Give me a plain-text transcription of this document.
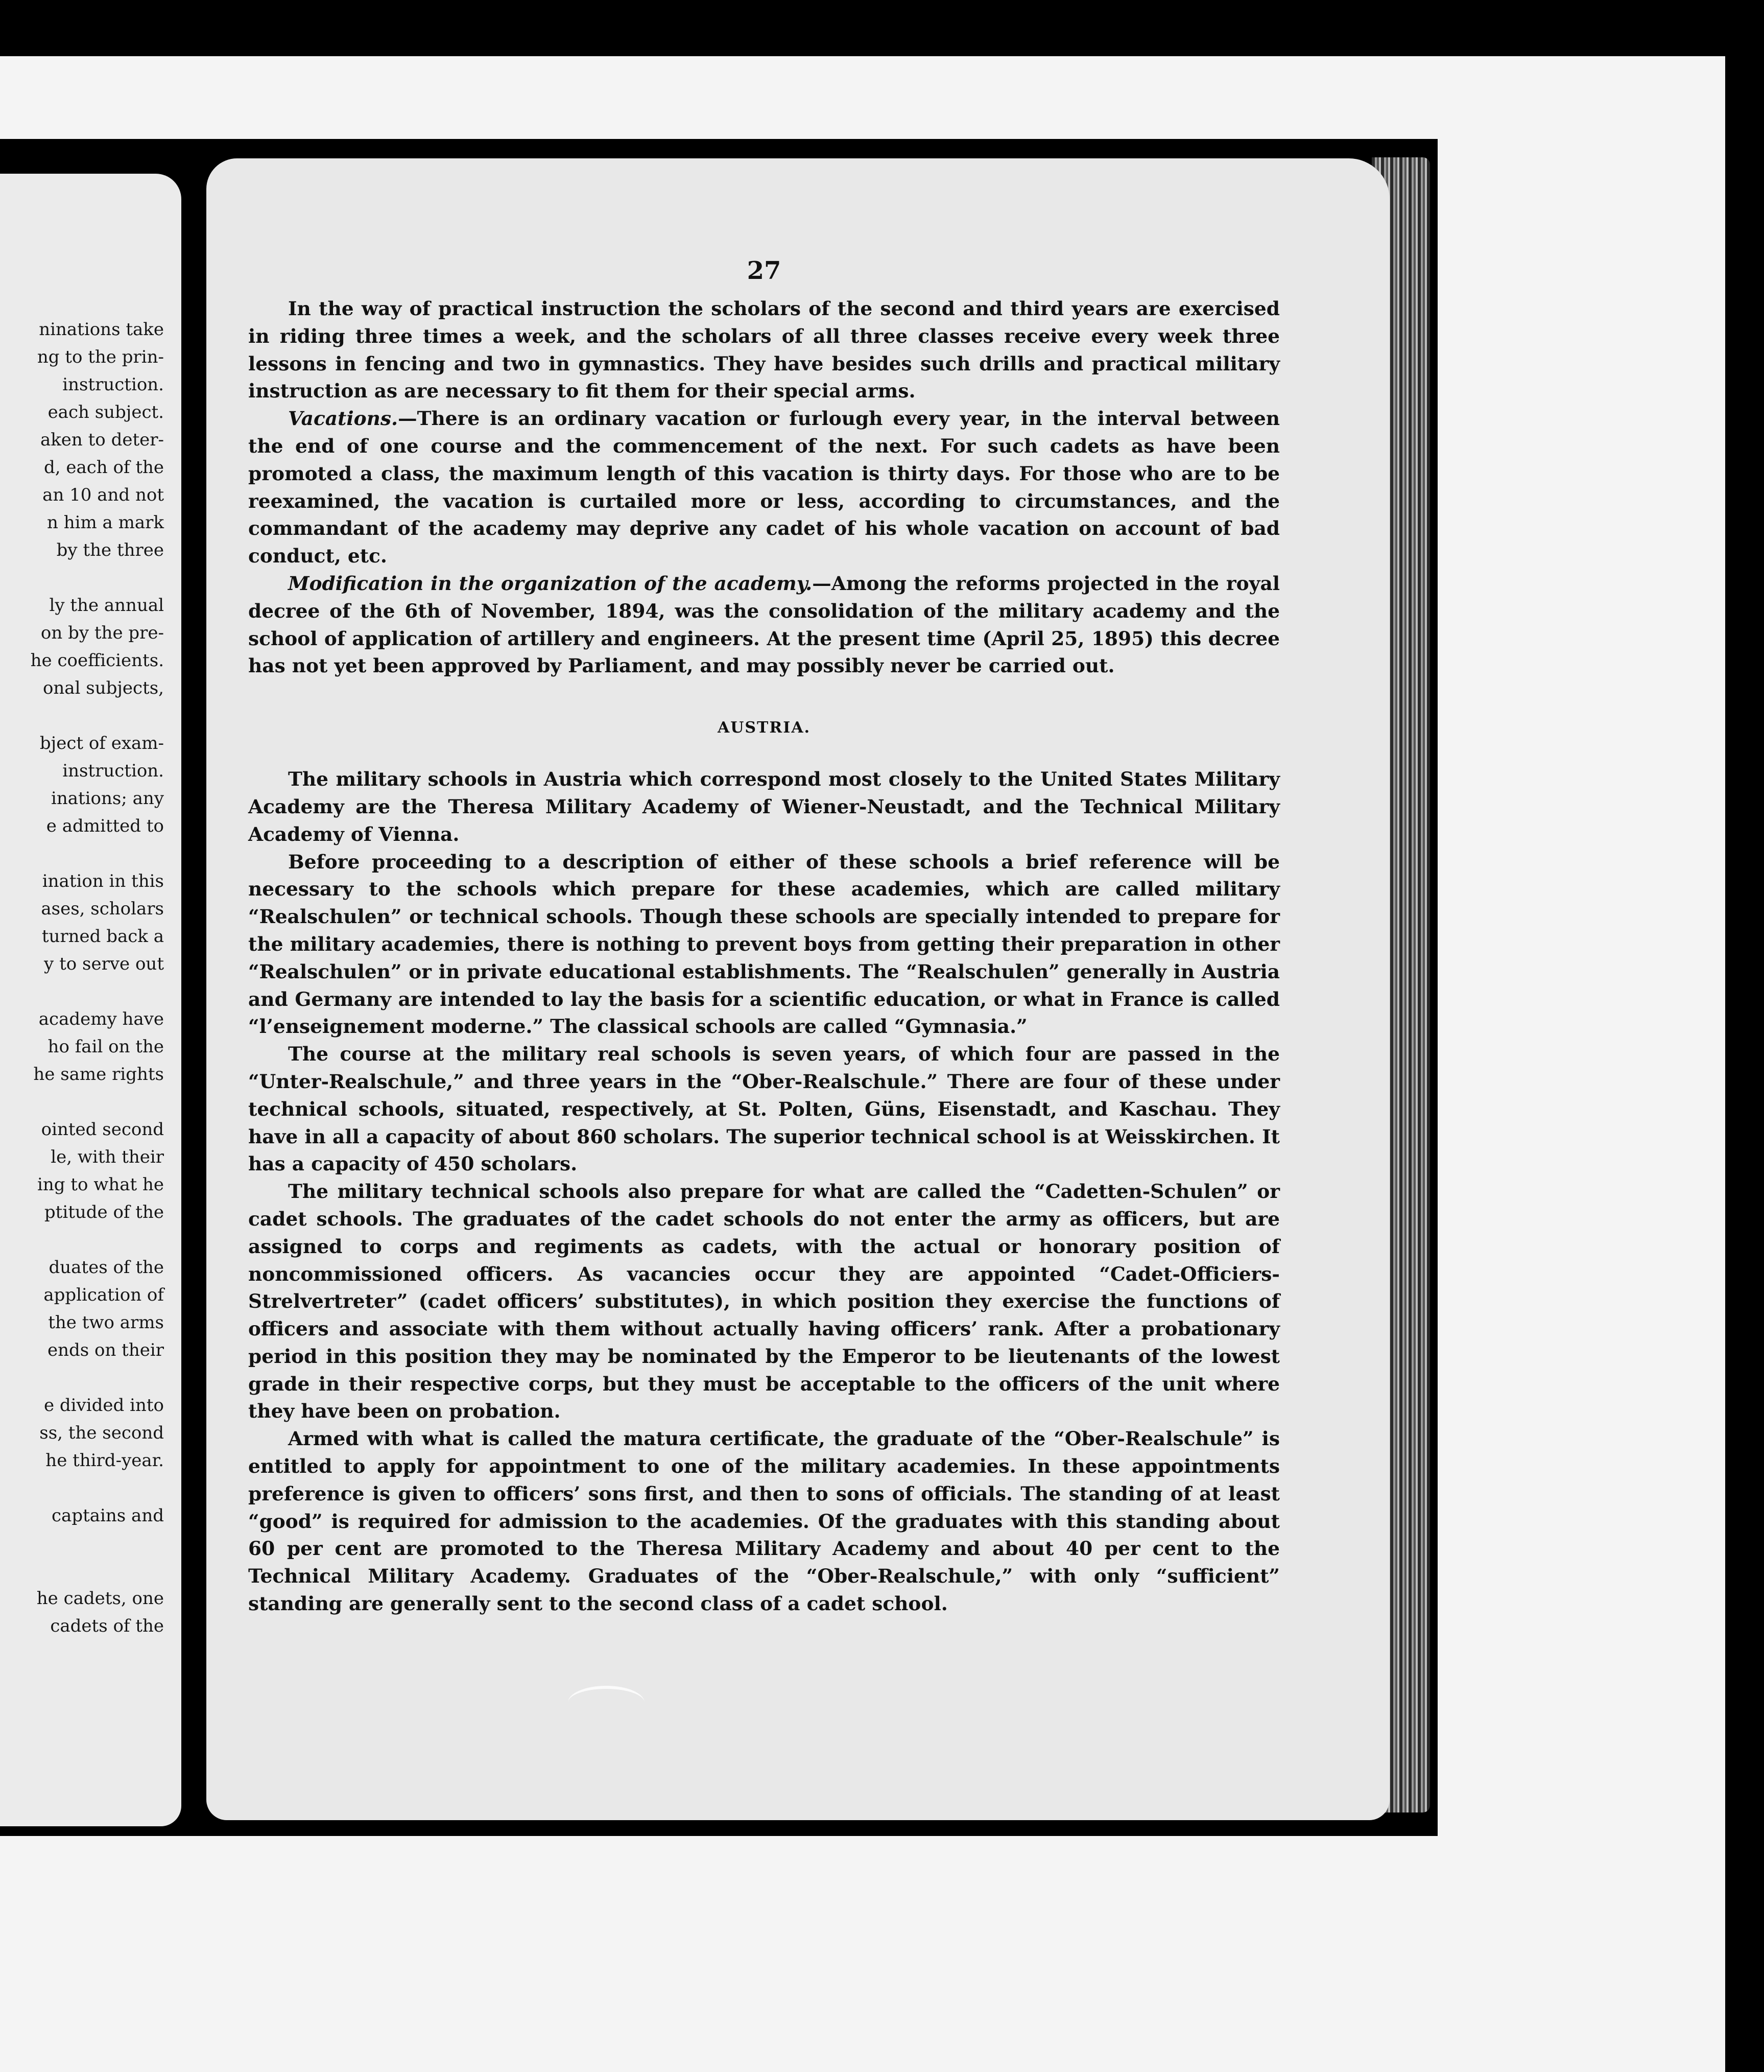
ninations take
ng to the prin-
instruction.
each subject.
aken to deter-
d, each of the
an 10 and not
n him a mark
by the three
ly the annual
on by the pre-
he coefficients.
onal subjects,
bject of exam-
instruction.
inations; any
e admitted to
ination in this
ases, scholars
turned back a
y to serve out
academy have
ho fail on the
he same rights
ointed second
le, with their
ing to what he
ptitude of the
duates of the
application of
the two arms
ends on their
e divided into
ss, the second
he third-year.
captains and
he cadets, one
cadets of the
27

In the way of practical instruction the scholars of the second and third years are exercised in riding three times a week, and the scholars of all three classes receive every week three lessons in fencing and two in gymnastics. They have besides such drills and practical military instruction as are necessary to fit them for their special arms.

Vacations.—There is an ordinary vacation or furlough every year, in the interval between the end of one course and the commencement of the next. For such cadets as have been promoted a class, the maximum length of this vacation is thirty days. For those who are to be reexamined, the vacation is curtailed more or less, according to circumstances, and the commandant of the academy may deprive any cadet of his whole vacation on account of bad conduct, etc.

Modification in the organization of the academy.—Among the reforms projected in the royal decree of the 6th of November, 1894, was the consolidation of the military academy and the school of application of artillery and engineers. At the present time (April 25, 1895) this decree has not yet been approved by Parliament, and may possibly never be carried out.

AUSTRIA.

The military schools in Austria which correspond most closely to the United States Military Academy are the Theresa Military Academy of Wiener-Neustadt, and the Technical Military Academy of Vienna.

Before proceeding to a description of either of these schools a brief reference will be necessary to the schools which prepare for these academies, which are called military “Realschulen” or technical schools. Though these schools are specially intended to prepare for the military academies, there is nothing to prevent boys from getting their preparation in other “Realschulen” or in private educational establishments. The “Realschulen” generally in Austria and Germany are intended to lay the basis for a scientific education, or what in France is called “l’enseignement moderne.” The classical schools are called “Gymnasia.”

The course at the military real schools is seven years, of which four are passed in the “Unter-Realschule,” and three years in the “Ober-Realschule.” There are four of these under technical schools, situated, respectively, at St. Polten, Güns, Eisenstadt, and Kaschau. They have in all a capacity of about 860 scholars. The superior technical school is at Weisskirchen. It has a capacity of 450 scholars.

The military technical schools also prepare for what are called the “Cadetten-Schulen” or cadet schools. The graduates of the cadet schools do not enter the army as officers, but are assigned to corps and regiments as cadets, with the actual or honorary position of noncommissioned officers. As vacancies occur they are appointed “Cadet-Officiers-Strelvertreter” (cadet officers’ substitutes), in which position they exercise the functions of officers and associate with them without actually having officers’ rank. After a probationary period in this position they may be nominated by the Emperor to be lieutenants of the lowest grade in their respective corps, but they must be acceptable to the officers of the unit where they have been on probation.

Armed with what is called the matura certificate, the graduate of the “Ober-Realschule” is entitled to apply for appointment to one of the military academies. In these appointments preference is given to officers’ sons first, and then to sons of officials. The standing of at least “good” is required for admission to the academies. Of the graduates with this standing about 60 per cent are promoted to the Theresa Military Academy and about 40 per cent to the Technical Military Academy. Graduates of the “Ober-Realschule,” with only “sufficient” standing are generally sent to the second class of a cadet school.
